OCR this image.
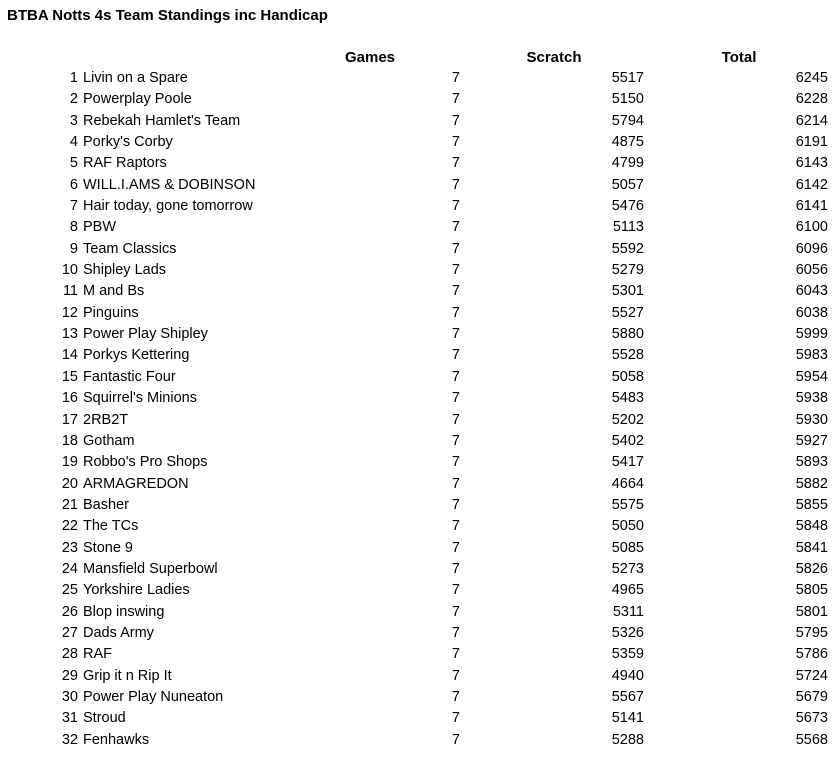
BTBA Notts 4s Team Standings inc Handicap
Games	Scratch	Total
1 Livin on a Spare	7	5517	6245
2 Powerplay Poole	7	5150	6228
3 Rebekah Hamlet's Team	7	5794	6214
4 Porky's Corby	7	4875	6191
5 RAF Raptors	7	4799	6143
6 WILL.I.AMS & DOBINSON	7	5057	6142
7 Hair today, gone tomorrow	7	5476	6141
8 PBW	7	5113	6100
9 Team Classics	7	5592	6096
10 Shipley Lads	7	5279	6056
11 M and Bs	7	5301	6043
12 Pinguins	7	5527	6038
13 Power Play Shipley	7	5880	5999
14 Porkys Kettering	7	5528	5983
15 Fantastic Four	7	5058	5954
16 Squirrel's Minions	7	5483	5938
17 2RB2T	7	5202	5930
18 Gotham	7	5402	5927
19 Robbo's Pro Shops	7	5417	5893
20 ARMAGREDON	7	4664	5882
21 Basher	7	5575	5855
22 The TCs	7	5050	5848
23 Stone 9	7	5085	5841
24 Mansfield Superbowl	7	5273	5826
25 Yorkshire Ladies	7	4965	5805
26 Blop inswing	7	5311	5801
27 Dads Army	7	5326	5795
28 RAF	7	5359	5786
29 Grip it n Rip It	7	4940	5724
30 Power Play Nuneaton	7	5567	5679
31 Stroud	7	5141	5673
32 Fenhawks	7	5288	5568
